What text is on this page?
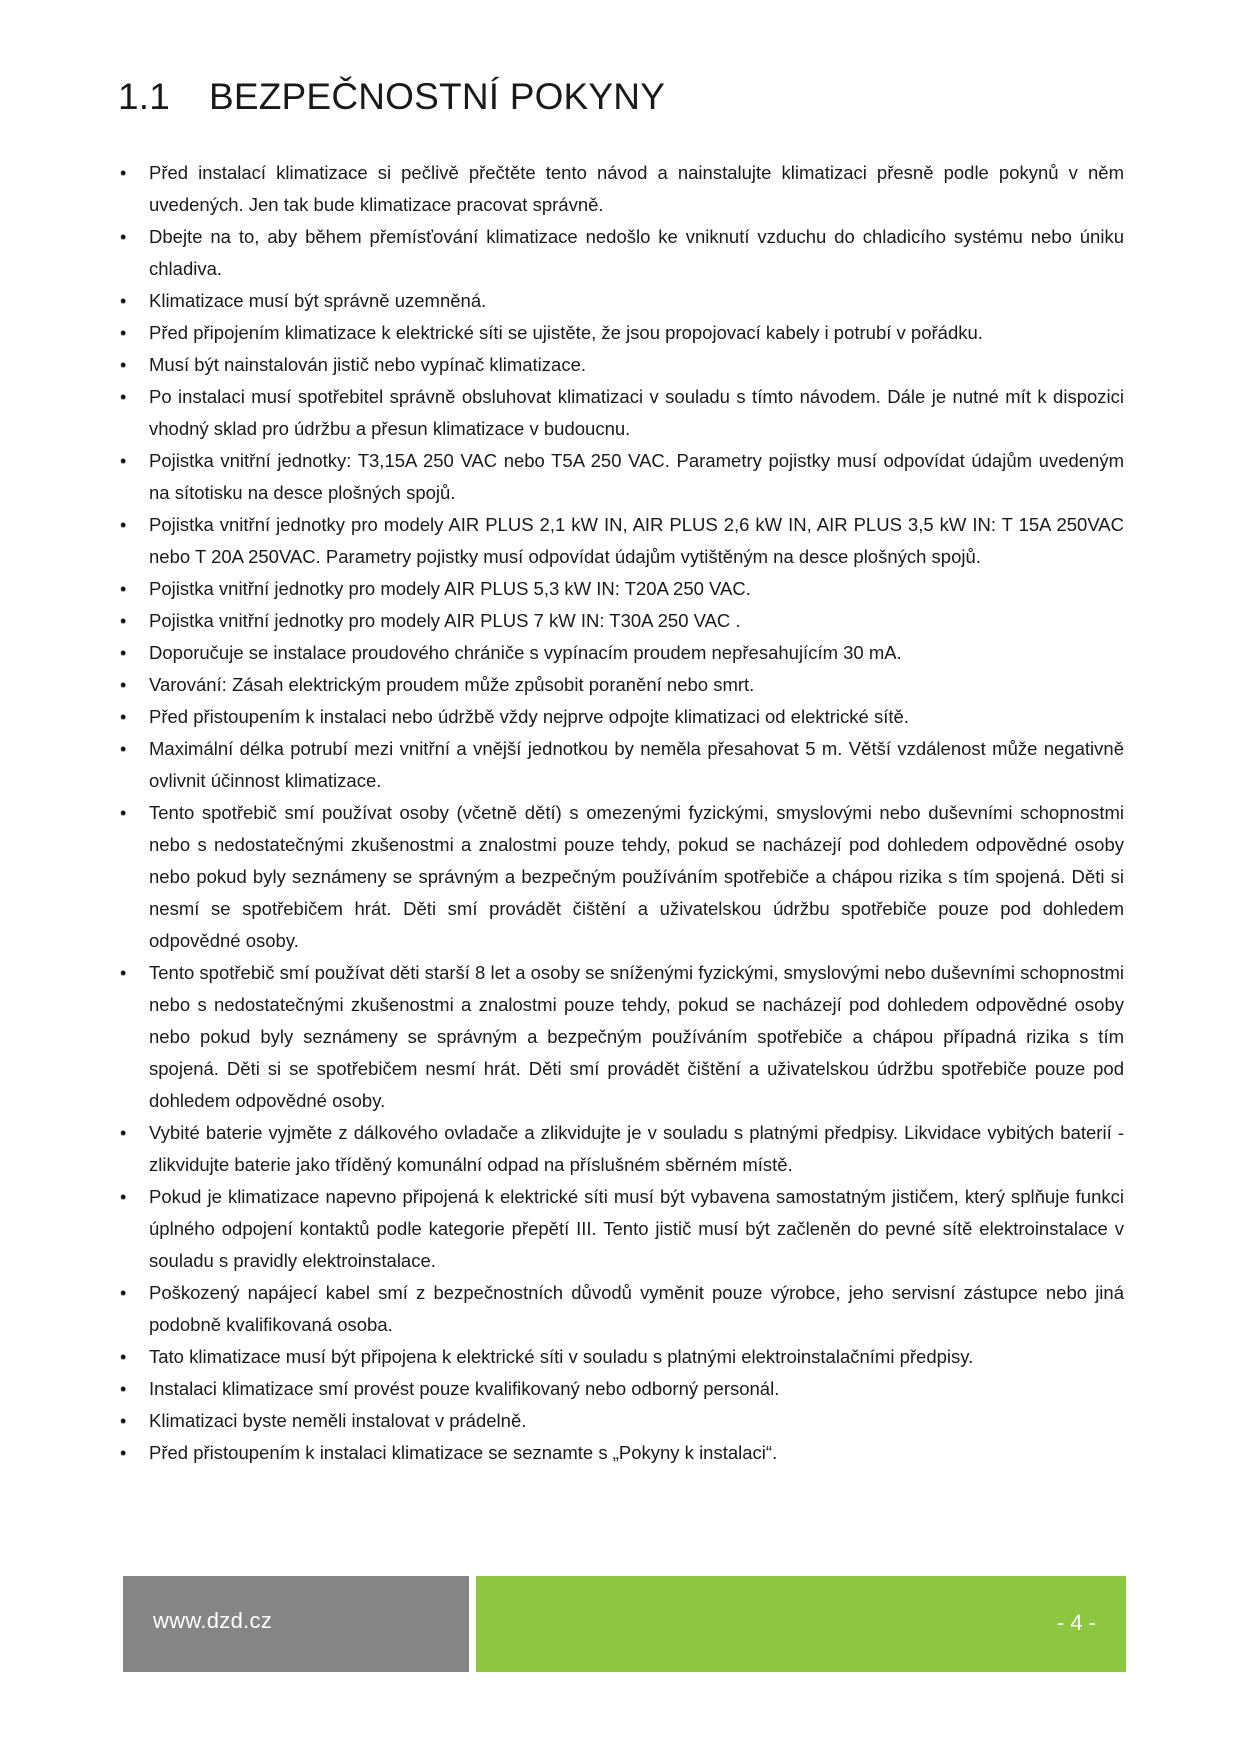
1.1 BEZPEČNOSTNÍ POKYNY
• Před instalací klimatizace si pečlivě přečtěte tento návod a nainstalujte klimatizaci přesně podle pokynů v něm uvedených. Jen tak bude klimatizace pracovat správně.
• Dbejte na to, aby během přemísťování klimatizace nedošlo ke vniknutí vzduchu do chladicího systému nebo úniku chladiva.
• Klimatizace musí být správně uzemněná.
• Před připojením klimatizace k elektrické síti se ujistěte, že jsou propojovací kabely i potrubí v pořádku.
• Musí být nainstalován jistič nebo vypínač klimatizace.
• Po instalaci musí spotřebitel správně obsluhovat klimatizaci v souladu s tímto návodem. Dále je nutné mít k dispozici vhodný sklad pro údržbu a přesun klimatizace v budoucnu.
• Pojistka vnitřní jednotky: T3,15A 250 VAC nebo T5A 250 VAC. Parametry pojistky musí odpovídat údajům uvedeným na sítotisku na desce plošných spojů.
• Pojistka vnitřní jednotky pro modely AIR PLUS 2,1 kW IN, AIR PLUS 2,6 kW IN, AIR PLUS 3,5 kW IN: T 15A 250VAC nebo T 20A 250VAC. Parametry pojistky musí odpovídat údajům vytištěným na desce plošných spojů.
• Pojistka vnitřní jednotky pro modely AIR PLUS 5,3 kW IN: T20A 250 VAC.
• Pojistka vnitřní jednotky pro modely AIR PLUS 7 kW IN: T30A 250 VAC .
• Doporučuje se instalace proudového chrániče s vypínacím proudem nepřesahujícím 30 mA.
• Varování: Zásah elektrickým proudem může způsobit poranění nebo smrt.
• Před přistoupením k instalaci nebo údržbě vždy nejprve odpojte klimatizaci od elektrické sítě.
• Maximální délka potrubí mezi vnitřní a vnější jednotkou by neměla přesahovat 5 m. Větší vzdálenost může negativně ovlivnit účinnost klimatizace.
• Tento spotřebič smí používat osoby (včetně dětí) s omezenými fyzickými, smyslovými nebo duševními schopnostmi nebo s nedostatečnými zkušenostmi a znalostmi pouze tehdy, pokud se nacházejí pod dohledem odpovědné osoby nebo pokud byly seznámeny se správným a bezpečným používáním spotřebiče a chápou rizika s tím spojená. Děti si nesmí se spotřebičem hrát. Děti smí provádět čištění a uživatelskou údržbu spotřebiče pouze pod dohledem odpovědné osoby.
• Tento spotřebič smí používat děti starší 8 let a osoby se sníženými fyzickými, smyslovými nebo duševními schopnostmi nebo s nedostatečnými zkušenostmi a znalostmi pouze tehdy, pokud se nacházejí pod dohledem odpovědné osoby nebo pokud byly seznámeny se správným a bezpečným používáním spotřebiče a chápou případná rizika s tím spojená. Děti si se spotřebičem nesmí hrát. Děti smí provádět čištění a uživatelskou údržbu spotřebiče pouze pod dohledem odpovědné osoby.
• Vybité baterie vyjměte z dálkového ovladače a zlikvidujte je v souladu s platnými předpisy. Likvidace vybitých baterií - zlikvidujte baterie jako tříděný komunální odpad na příslušném sběrném místě.
• Pokud je klimatizace napevno připojená k elektrické síti musí být vybavena samostatným jističem, který splňuje funkci úplného odpojení kontaktů podle kategorie přepětí III. Tento jistič musí být začleněn do pevné sítě elektroinstalace v souladu s pravidly elektroinstalace.
• Poškozený napájecí kabel smí z bezpečnostních důvodů vyměnit pouze výrobce, jeho servisní zástupce nebo jiná podobně kvalifikovaná osoba.
• Tato klimatizace musí být připojena k elektrické síti v souladu s platnými elektroinstalačními předpisy.
• Instalaci klimatizace smí provést pouze kvalifikovaný nebo odborný personál.
• Klimatizaci byste neměli instalovat v prádelně.
• Před přistoupením k instalaci klimatizace se seznamte s „Pokyny k instalaci“.
www.dzd.cz	- 4 -
